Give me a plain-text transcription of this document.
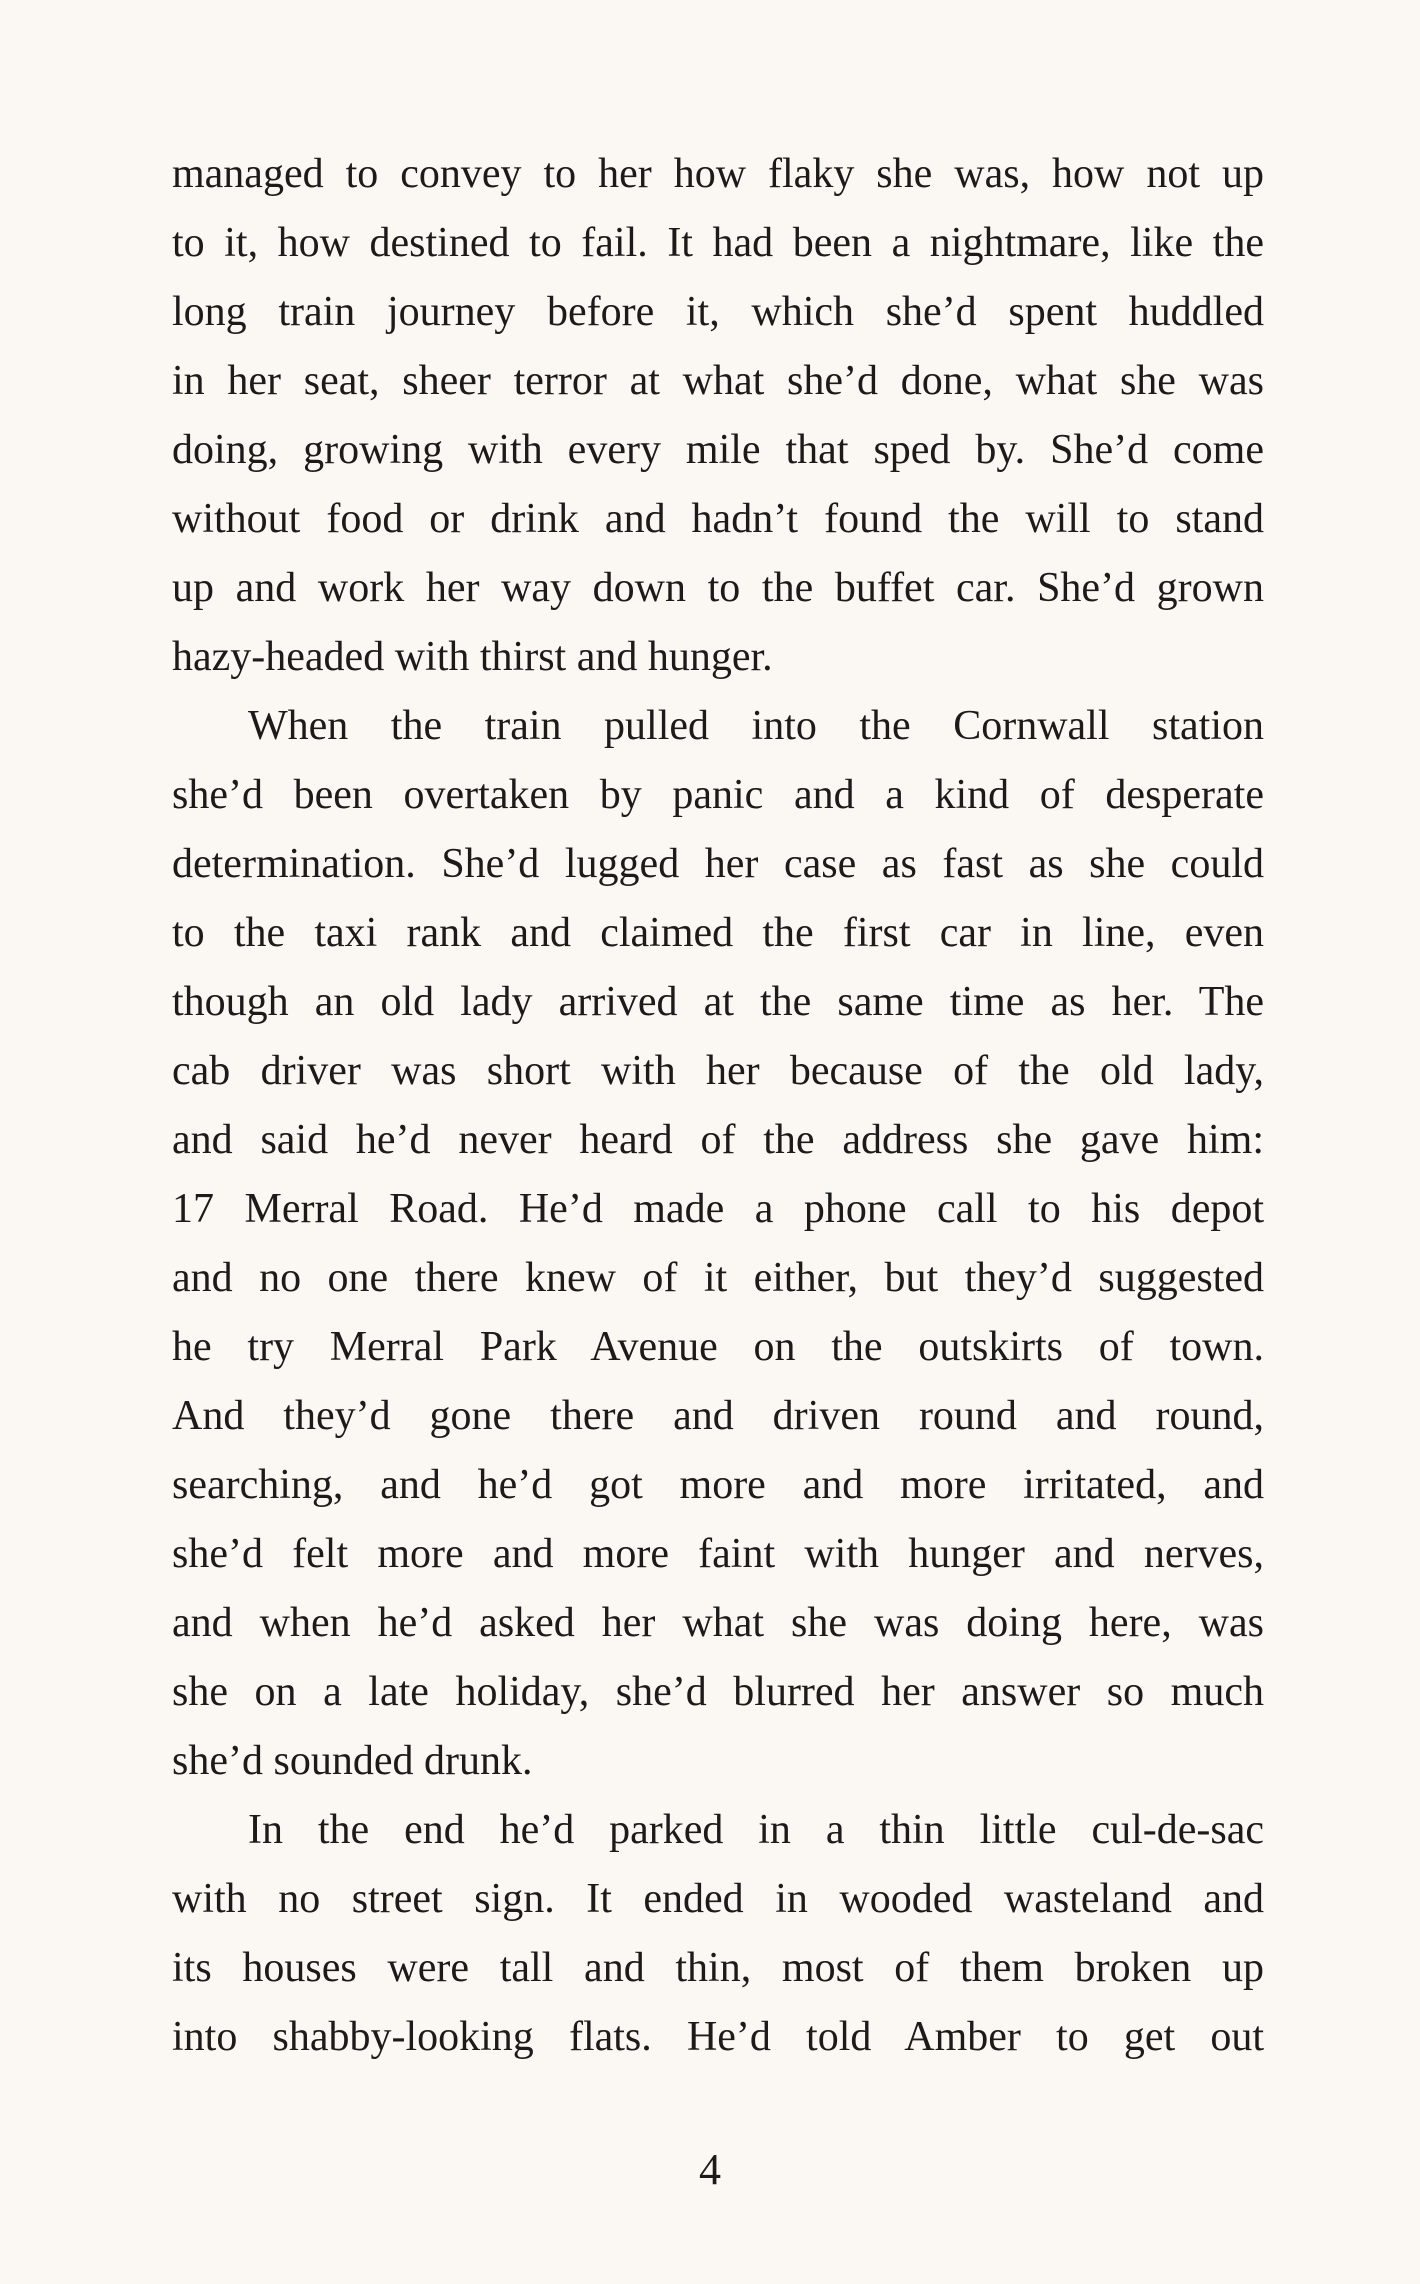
managed to convey to her how flaky she was, how not up
to it, how destined to fail. It had been a nightmare, like the
long train journey before it, which she’d spent huddled
in her seat, sheer terror at what she’d done, what she was
doing, growing with every mile that sped by. She’d come
without food or drink and hadn’t found the will to stand
up and work her way down to the buffet car. She’d grown
hazy-headed with thirst and hunger.
When the train pulled into the Cornwall station
she’d been overtaken by panic and a kind of desperate
determination. She’d lugged her case as fast as she could
to the taxi rank and claimed the first car in line, even
though an old lady arrived at the same time as her. The
cab driver was short with her because of the old lady,
and said he’d never heard of the address she gave him:
17 Merral Road. He’d made a phone call to his depot
and no one there knew of it either, but they’d suggested
he try Merral Park Avenue on the outskirts of town.
And they’d gone there and driven round and round,
searching, and he’d got more and more irritated, and
she’d felt more and more faint with hunger and nerves,
and when he’d asked her what she was doing here, was
she on a late holiday, she’d blurred her answer so much
she’d sounded drunk.
In the end he’d parked in a thin little cul-de-sac
with no street sign. It ended in wooded wasteland and
its houses were tall and thin, most of them broken up
into shabby-looking flats. He’d told Amber to get out
4
